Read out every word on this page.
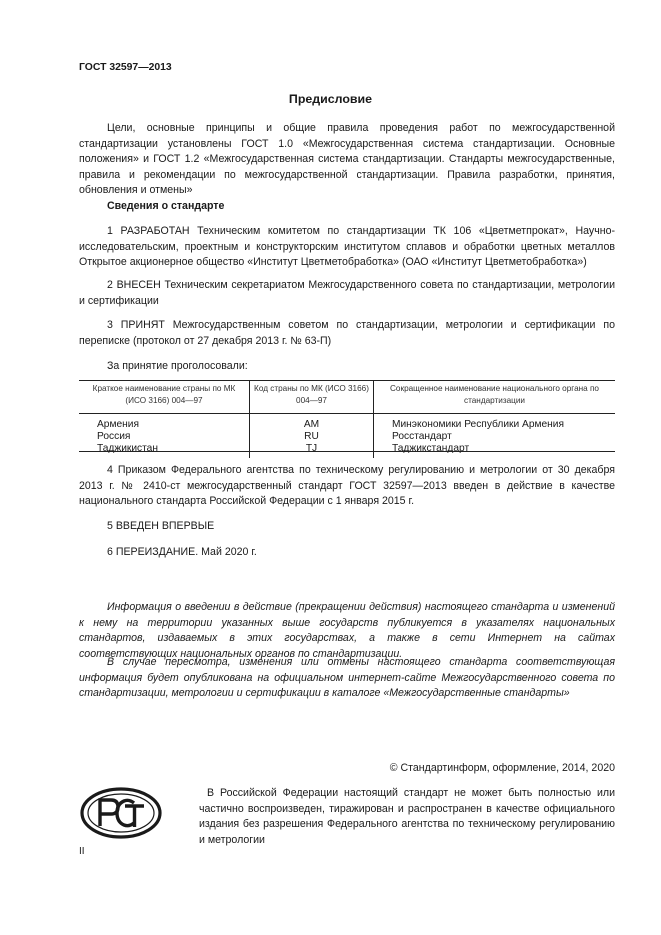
ГОСТ 32597—2013
Предисловие

Цели, основные принципы и общие правила проведения работ по межгосударственной стандартизации установлены ГОСТ 1.0 «Межгосударственная система стандартизации. Основные положения» и ГОСТ 1.2 «Межгосударственная система стандартизации. Стандарты межгосударственные, правила и рекомендации по межгосударственной стандартизации. Правила разработки, принятия, обновления и отмены»

Сведения о стандарте

1 РАЗРАБОТАН Техническим комитетом по стандартизации ТК 106 «Цветметпрокат», Научно-исследовательским, проектным и конструкторским институтом сплавов и обработки цветных металлов Открытое акционерное общество «Институт Цветметобработка» (ОАО «Институт Цветметобработка»)

2 ВНЕСЕН Техническим секретариатом Межгосударственного совета по стандартизации, метрологии и сертификации

3 ПРИНЯТ Межгосударственным советом по стандартизации, метрологии и сертификации по переписке (протокол от 27 декабря 2013 г. № 63-П)

За принятие проголосовали:
Краткое наименование страны по МК (ИСО 3166) 004—97	Код страны по МК (ИСО 3166) 004—97	Сокращенное наименование национального органа по стандартизации
Армения	AM	Минэкономики Республики Армения
Россия	RU	Росстандарт
Таджикистан	TJ	Таджикстандарт

4 Приказом Федерального агентства по техническому регулированию и метрологии от 30 декабря 2013 г. № 2410-ст межгосударственный стандарт ГОСТ 32597—2013 введен в действие в качестве национального стандарта Российской Федерации с 1 января 2015 г.

5 ВВЕДЕН ВПЕРВЫЕ
6 ПЕРЕИЗДАНИЕ. Май 2020 г.

Информация о введении в действие (прекращении действия) настоящего стандарта и изменений к нему на территории указанных выше государств публикуется в указателях национальных стандартов, издаваемых в этих государствах, а также в сети Интернет на сайтах соответствующих национальных органов по стандартизации.

В случае пересмотра, изменения или отмены настоящего стандарта соответствующая информация будет опубликована на официальном интернет-сайте Межгосударственного совета по стандартизации, метрологии и сертификации в каталоге «Межгосударственные стандарты»

© Стандартинформ, оформление, 2014, 2020

В Российской Федерации настоящий стандарт не может быть полностью или частично воспроизведен, тиражирован и распространен в качестве официального издания без разрешения Федерального агентства по техническому регулированию и метрологии

II
